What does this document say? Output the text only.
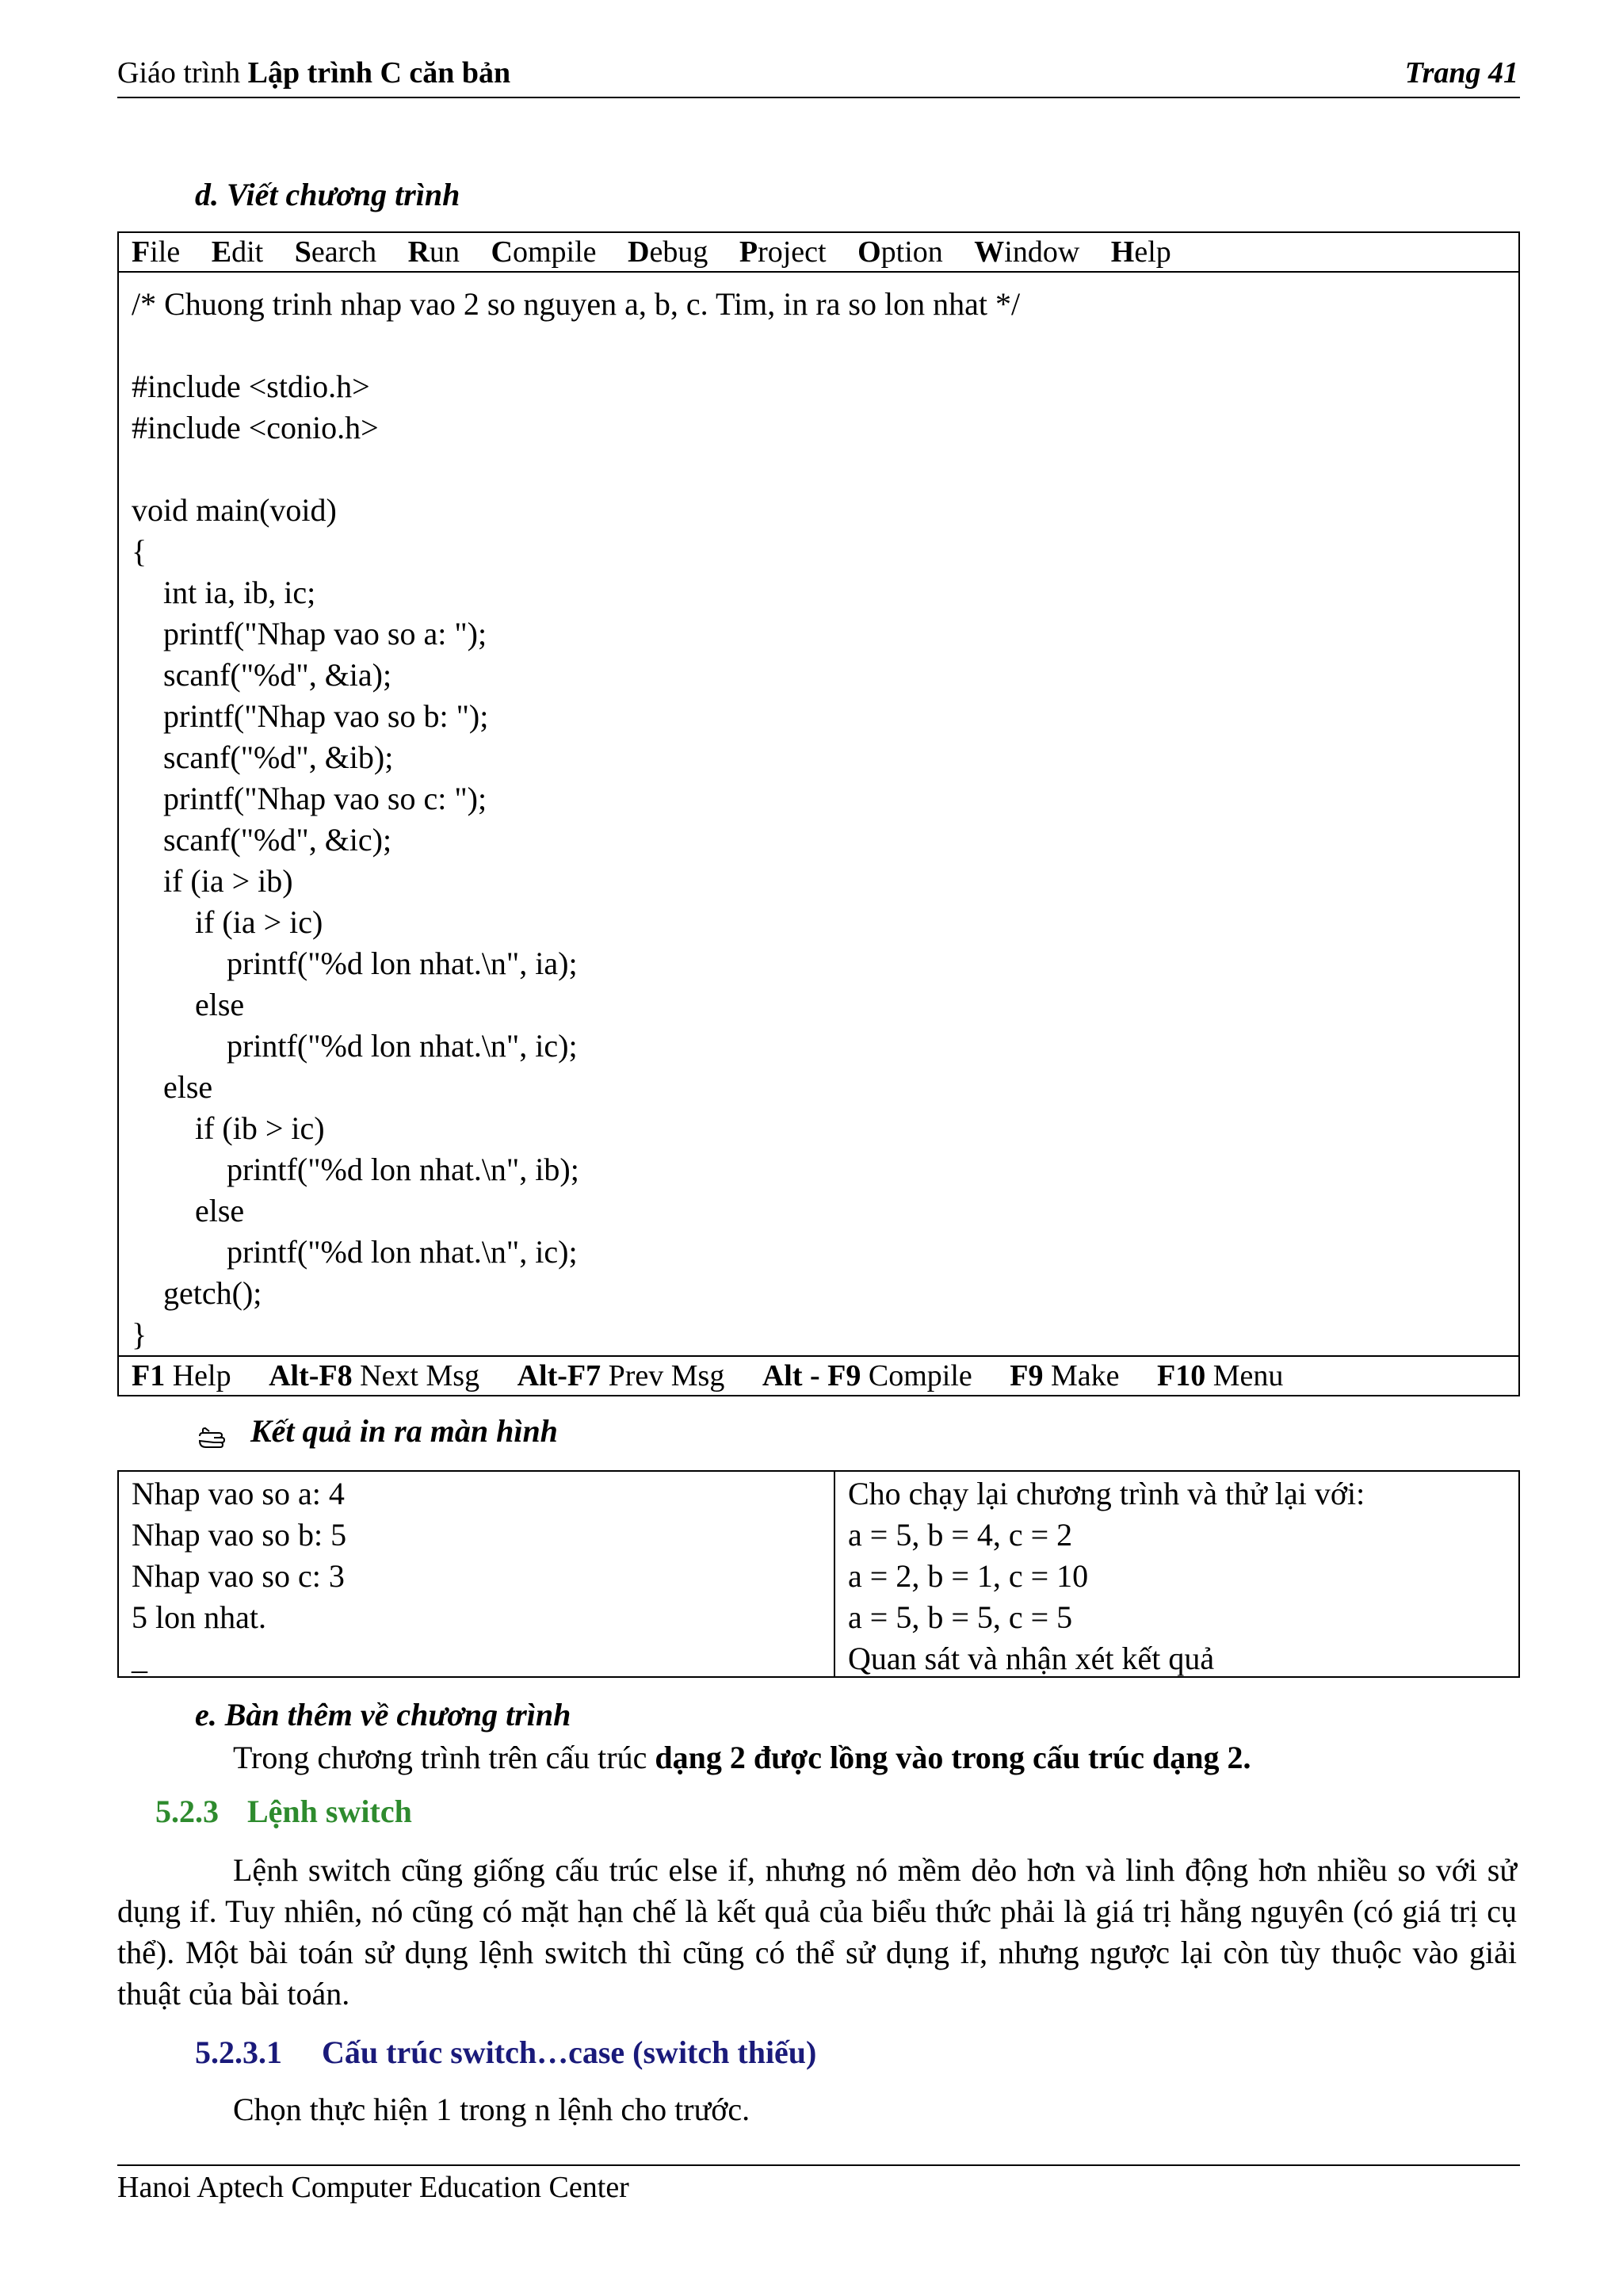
Giáo trình Lập trình C căn bản	Trang 41
d. Viết chương trình
File Edit Search Run Compile Debug Project Option Window Help
/* Chuong trinh nhap vao 2 so nguyen a, b, c. Tim, in ra so lon nhat */

#include <stdio.h>
#include <conio.h>

void main(void)
{
int ia, ib, ic;
printf("Nhap vao so a: ");
scanf("%d", &ia);
printf("Nhap vao so b: ");
scanf("%d", &ib);
printf("Nhap vao so c: ");
scanf("%d", &ic);
if (ia > ib)
if (ia > ic)
printf("%d lon nhat.\n", ia);
else
printf("%d lon nhat.\n", ic);
else
if (ib > ic)
printf("%d lon nhat.\n", ib);
else
printf("%d lon nhat.\n", ic);
getch();
}
F1 Help Alt-F8 Next Msg Alt-F7 Prev Msg Alt - F9 Compile F9 Make F10 Menu
Kết quả in ra màn hình
Nhap vao so a: 4
Nhap vao so b: 5
Nhap vao so c: 3
5 lon nhat.
_
Cho chạy lại chương trình và thử lại với:
a = 5, b = 4, c = 2
a = 2, b = 1, c = 10
a = 5, b = 5, c = 5
Quan sát và nhận xét kết quả
e. Bàn thêm về chương trình
Trong chương trình trên cấu trúc dạng 2 được lồng vào trong cấu trúc dạng 2.
5.2.3 Lệnh switch
Lệnh switch cũng giống cấu trúc else if, nhưng nó mềm dẻo hơn và linh động hơn nhiều so với sử dụng if. Tuy nhiên, nó cũng có mặt hạn chế là kết quả của biểu thức phải là giá trị hằng nguyên (có giá trị cụ thể). Một bài toán sử dụng lệnh switch thì cũng có thể sử dụng if, nhưng ngược lại còn tùy thuộc vào giải thuật của bài toán.
5.2.3.1 Cấu trúc switch…case (switch thiếu)
Chọn thực hiện 1 trong n lệnh cho trước.
Hanoi Aptech Computer Education Center
